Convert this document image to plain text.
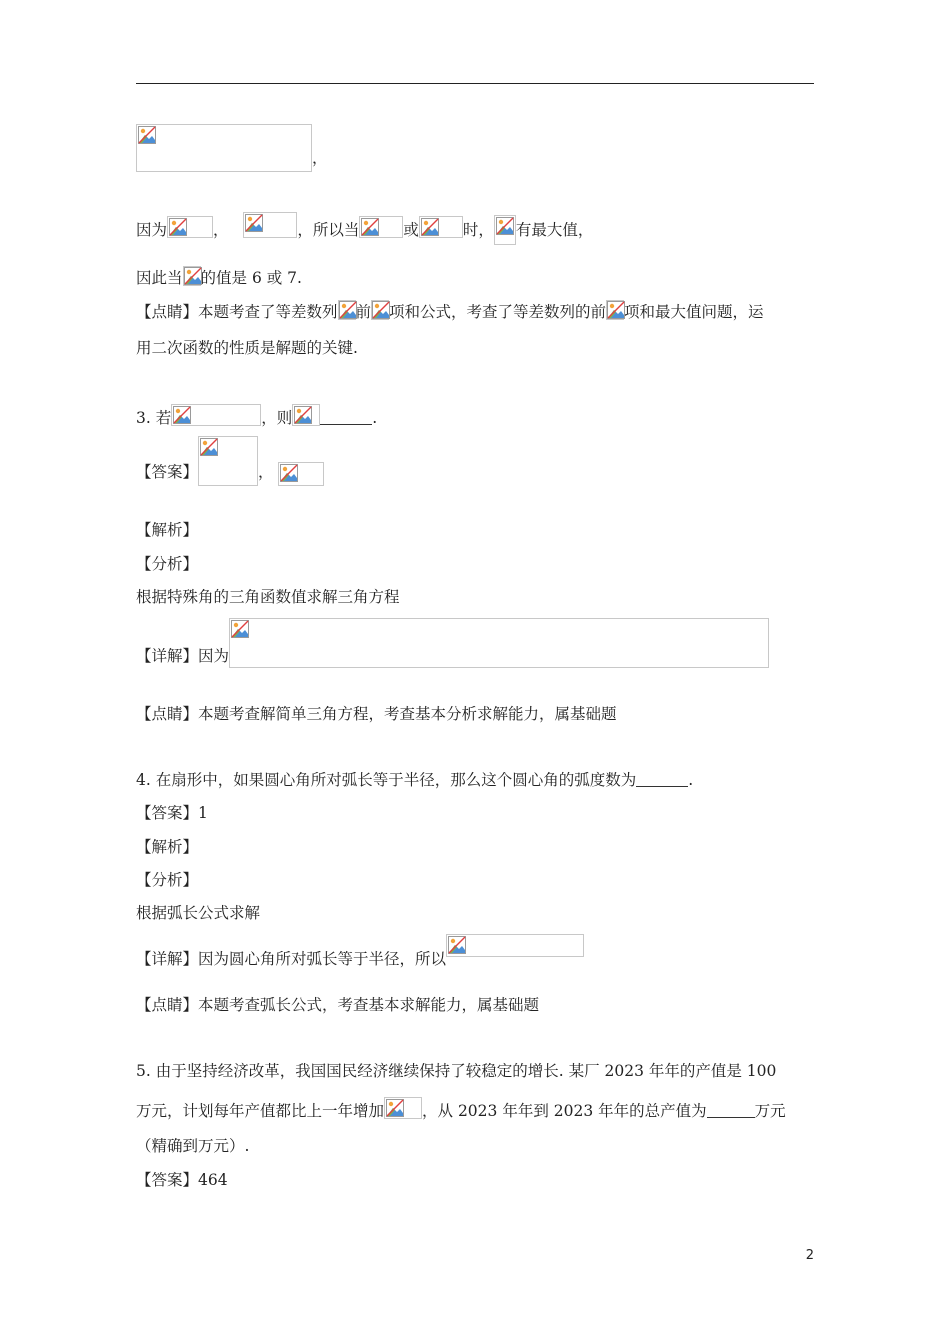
，
因为	，	，所以当	或	时， 有最大值，
因此当 的值是 6 或 7.
【点睛】本题考查了等差数列 前 项和公式，考查了等差数列的前 项和最大值问题，运
用二次函数的性质是解题的关键.
3. 若	，则	.
【答案】	，
【解析】
【分析】
根据特殊角的三角函数值求解三角方程
【详解】因为
【点睛】本题考查解简单三角方程，考查基本分析求解能力，属基础题
4. 在扇形中，如果圆心角所对弧长等于半径，那么这个圆心角的弧度数为	.
【答案】1
【解析】
【分析】
根据弧长公式求解
【详解】因为圆心角所对弧长等于半径，所以
【点睛】本题考查弧长公式，考查基本求解能力，属基础题
5. 由于坚持经济改革，我国国民经济继续保持了较稳定的增长. 某厂 2023 年年的产值是 100
万元，计划每年产值都比上一年增加 ，从 2023 年年到 2023 年年的总产值为	万元
（精确到万元）.
【答案】464
2
